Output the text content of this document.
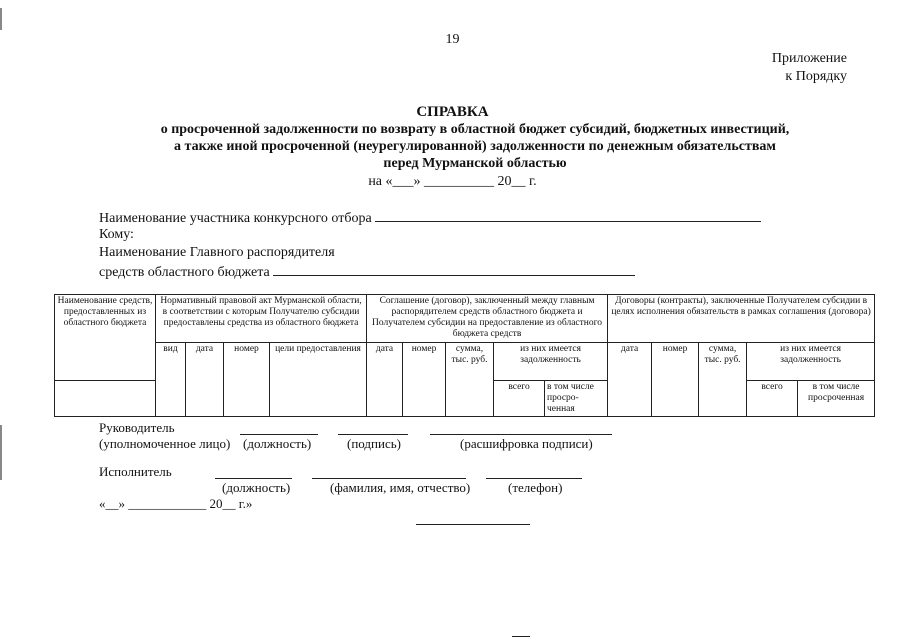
19
Приложение
к Порядку
СПРАВКА
о просроченной задолженности по возврату в областной бюджет субсидий, бюджетных инвестиций,
а также иной просроченной (неурегулированной) задолженности по денежным обязательствам
перед Мурманской областью
на «___» __________ 20__ г.
Наименование участника конкурсного отбора
Кому:
Наименование Главного распорядителя
средств областного бюджета
Наименование средств, предоставленных из областного бюджета	Нормативный правовой акт Мурманской области, в соответствии с которым Получателю субсидии предоставлены средства из областного бюджета				Соглашение (договор), заключенный между главным распорядителем средств областного бюджета и Получателем субсидии на предоставление из областного бюджета средств					Договоры (контракты), заключенные Получателем субсидии в целях исполнения обязательств в рамках соглашения (договора)				
	вид	дата	номер	цели предоставления	дата	номер	сумма, тыс. руб.	из них имеется задолженность		дата	номер	сумма, тыс. руб.	из них имеется задолженность	
								всего	в том числе просро-ченная				всего	в том числе просроченная
Руководитель
(уполномоченное лицо) (должность)	(подпись)	(расшифровка подписи)
Исполнитель
(должность)	(фамилия, имя, отчество)	(телефон)
«__» ____________ 20__ г.»
